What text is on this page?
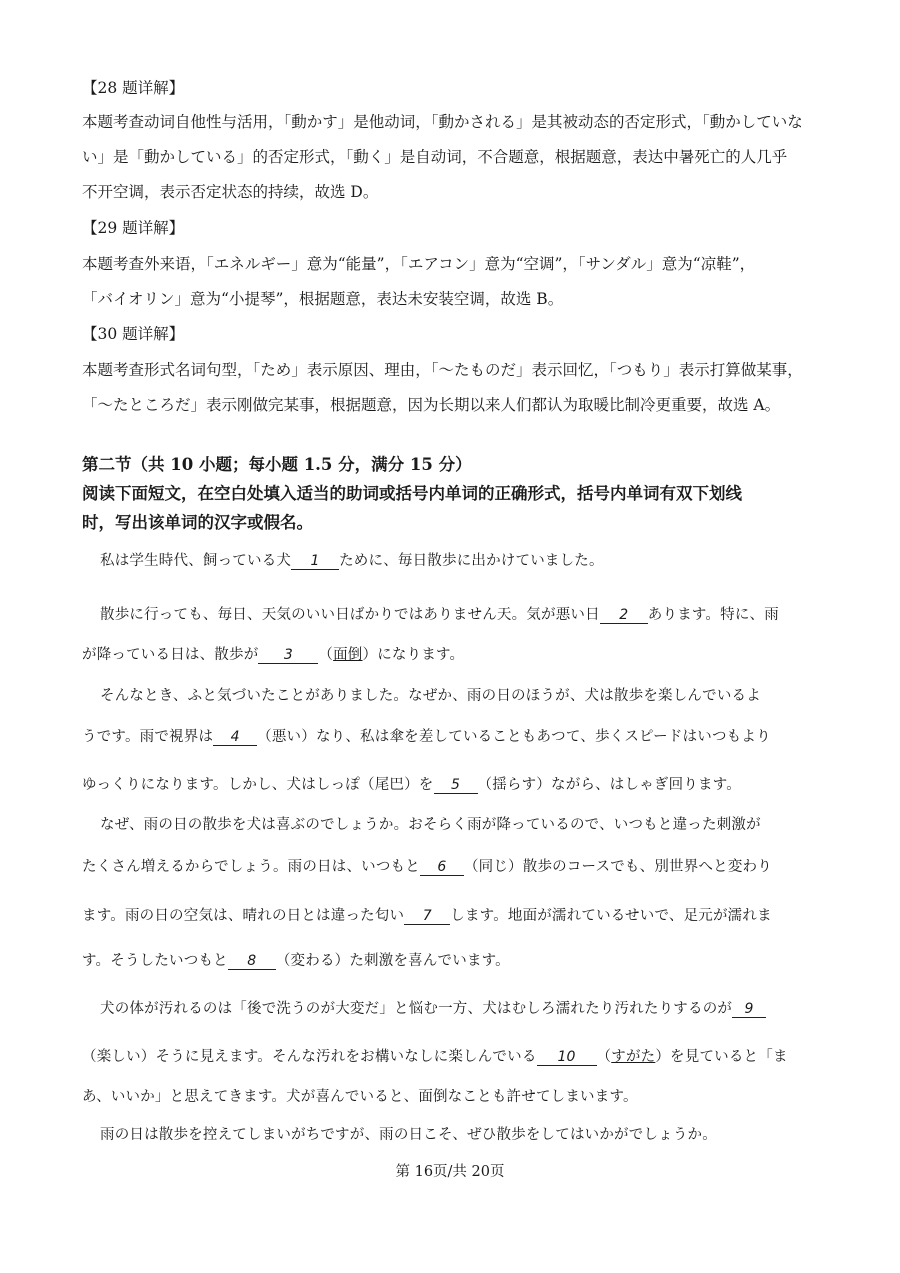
【28 题详解】
本题考查动词自他性与活用，「動かす」是他动词，「動かされる」是其被动态的否定形式，「動かしていな
い」是「動かしている」的否定形式，「動く」是自动词，不合题意，根据题意，表达中暑死亡的人几乎
不开空调，表示否定状态的持续，故选 D。
【29 题详解】
本题考查外来语，「エネルギー」意为“能量”，「エアコン」意为“空调”，「サンダル」意为“凉鞋”，
「バイオリン」意为“小提琴”，根据题意，表达未安装空调，故选 B。
【30 题详解】
本题考查形式名词句型，「ため」表示原因、理由，「～たものだ」表示回忆，「つもり」表示打算做某事，
「～たところだ」表示刚做完某事，根据题意，因为长期以来人们都认为取暖比制冷更重要，故选 A。
第二节（共 10 小题；每小题 1.5 分，满分 15 分）
阅读下面短文，在空白处填入适当的助词或括号内单词的正确形式，括号内单词有双下划线
时，写出该单词的汉字或假名。
私は学生時代、飼っている犬 1 ために、毎日散歩に出かけていました。
散歩に行っても、毎日、天気のいい日ばかりではありません天。気が悪い日 2 あります。特に、雨
が降っている日は、散歩が 3 （面倒）になります。
そんなとき、ふと気づいたことがありました。なぜか、雨の日のほうが、犬は散歩を楽しんでいるよ
うです。雨で視界は 4 （悪い）なり、私は傘を差していることもあつて、歩くスピードはいつもより
ゆっくりになります。しかし、犬はしっぽ（尾巴）を 5 （揺らす）ながら、はしゃぎ回ります。
なぜ、雨の日の散歩を犬は喜ぶのでしょうか。おそらく雨が降っているので、いつもと違った刺激が
たくさん増えるからでしょう。雨の日は、いつもと 6 （同じ）散歩のコースでも、別世界へと変わり
ます。雨の日の空気は、晴れの日とは違った匂い 7 します。地面が濡れているせいで、足元が濡れま
す。そうしたいつもと 8 （変わる）た刺激を喜んでいます。
犬の体が汚れるのは「後で洗うのが大変だ」と悩む一方、犬はむしろ濡れたり汚れたりするのが 9
（楽しい）そうに見えます。そんな汚れをお構いなしに楽しんでいる 10 （すがた）を見ていると「ま
あ、いいか」と思えてきます。犬が喜んでいると、面倒なことも許せてしまいます。
雨の日は散歩を控えてしまいがちですが、雨の日こそ、ぜひ散歩をしてはいかがでしょうか。
第 16页/共 20页
